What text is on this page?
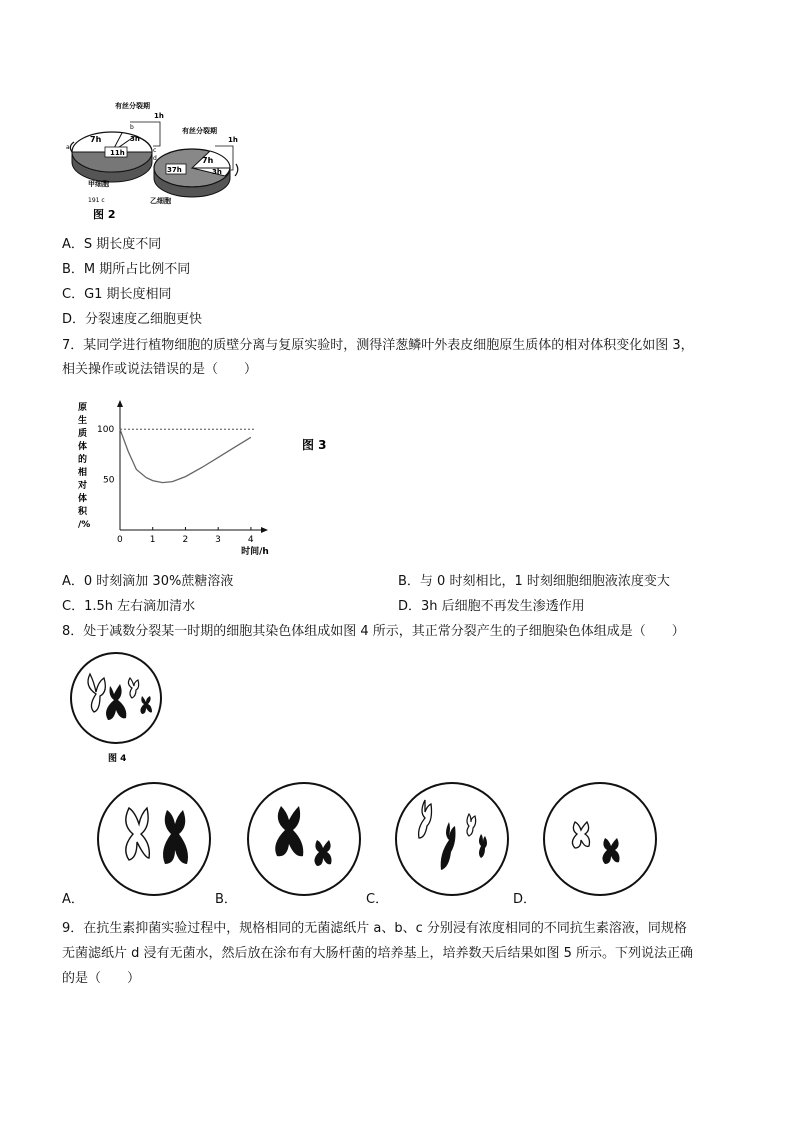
有丝分裂期
1h
7h	3h
11h
b
a	c
d
甲细胞
191 c
图 2
有丝分裂期
1h
7h
3h
37h
乙细胞
A．S 期长度不同
B．M 期所占比例不同
C．G1 期长度相同
D．分裂速度乙细胞更快
7．某同学进行植物细胞的质壁分离与复原实验时，测得洋葱鳞叶外表皮细胞原生质体的相对体积变化如图 3，
相关操作或说法错误的是（　　）
原
生
质
体
的
相
对
体
积
/%
0	1	2	3	4
50
100
时间/h
图 3
A．0 时刻滴加 30%蔗糖溶液	B．与 0 时刻相比，1 时刻细胞细胞液浓度变大
C．1.5h 左右滴加清水	D．3h 后细胞不再发生渗透作用
8．处于减数分裂某一时期的细胞其染色体组成如图 4 所示，其正常分裂产生的子细胞染色体组成是（　　）
图 4
A．	B．	C．	D．
9．在抗生素抑菌实验过程中，规格相同的无菌滤纸片 a、b、c 分别浸有浓度相同的不同抗生素溶液，同规格
无菌滤纸片 d 浸有无菌水，然后放在涂布有大肠杆菌的培养基上，培养数天后结果如图 5 所示。下列说法正确
的是（　　）
